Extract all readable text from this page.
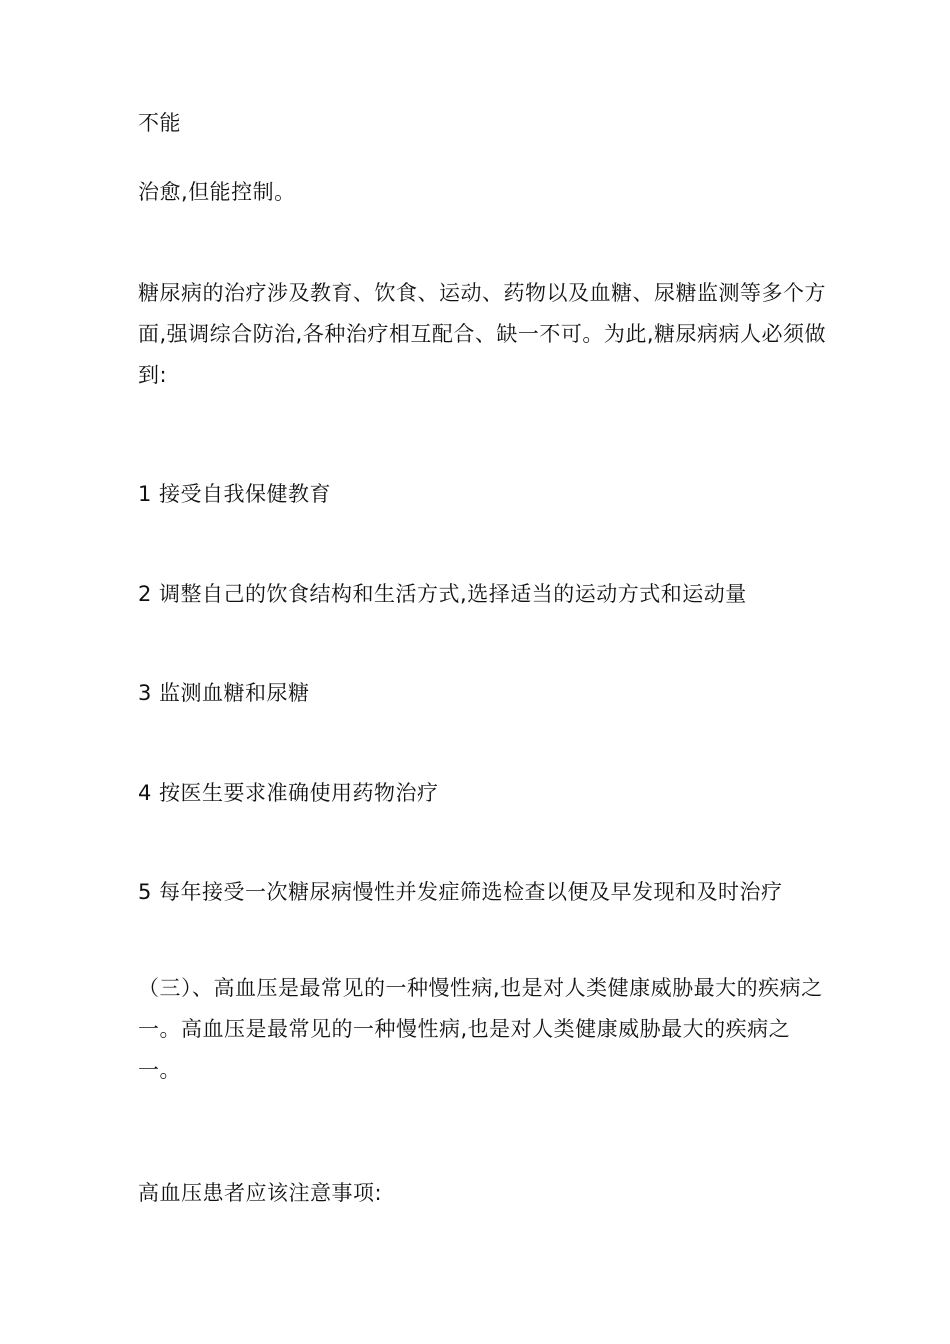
不能

治愈,但能控制。

糖尿病的治疗涉及教育、饮食、运动、药物以及血糖、尿糖监测等多个方面,强调综合防治,各种治疗相互配合、缺一不可。为此,糖尿病病人必须做到:

1 接受自我保健教育

2 调整自己的饮食结构和生活方式,选择适当的运动方式和运动量

3 监测血糖和尿糖

4 按医生要求准确使用药物治疗

5 每年接受一次糖尿病慢性并发症筛选检查以便及早发现和及时治疗

（三）、高血压是最常见的一种慢性病,也是对人类健康威胁最大的疾病之一。高血压是最常见的一种慢性病,也是对人类健康威胁最大的疾病之一。

高血压患者应该注意事项:
